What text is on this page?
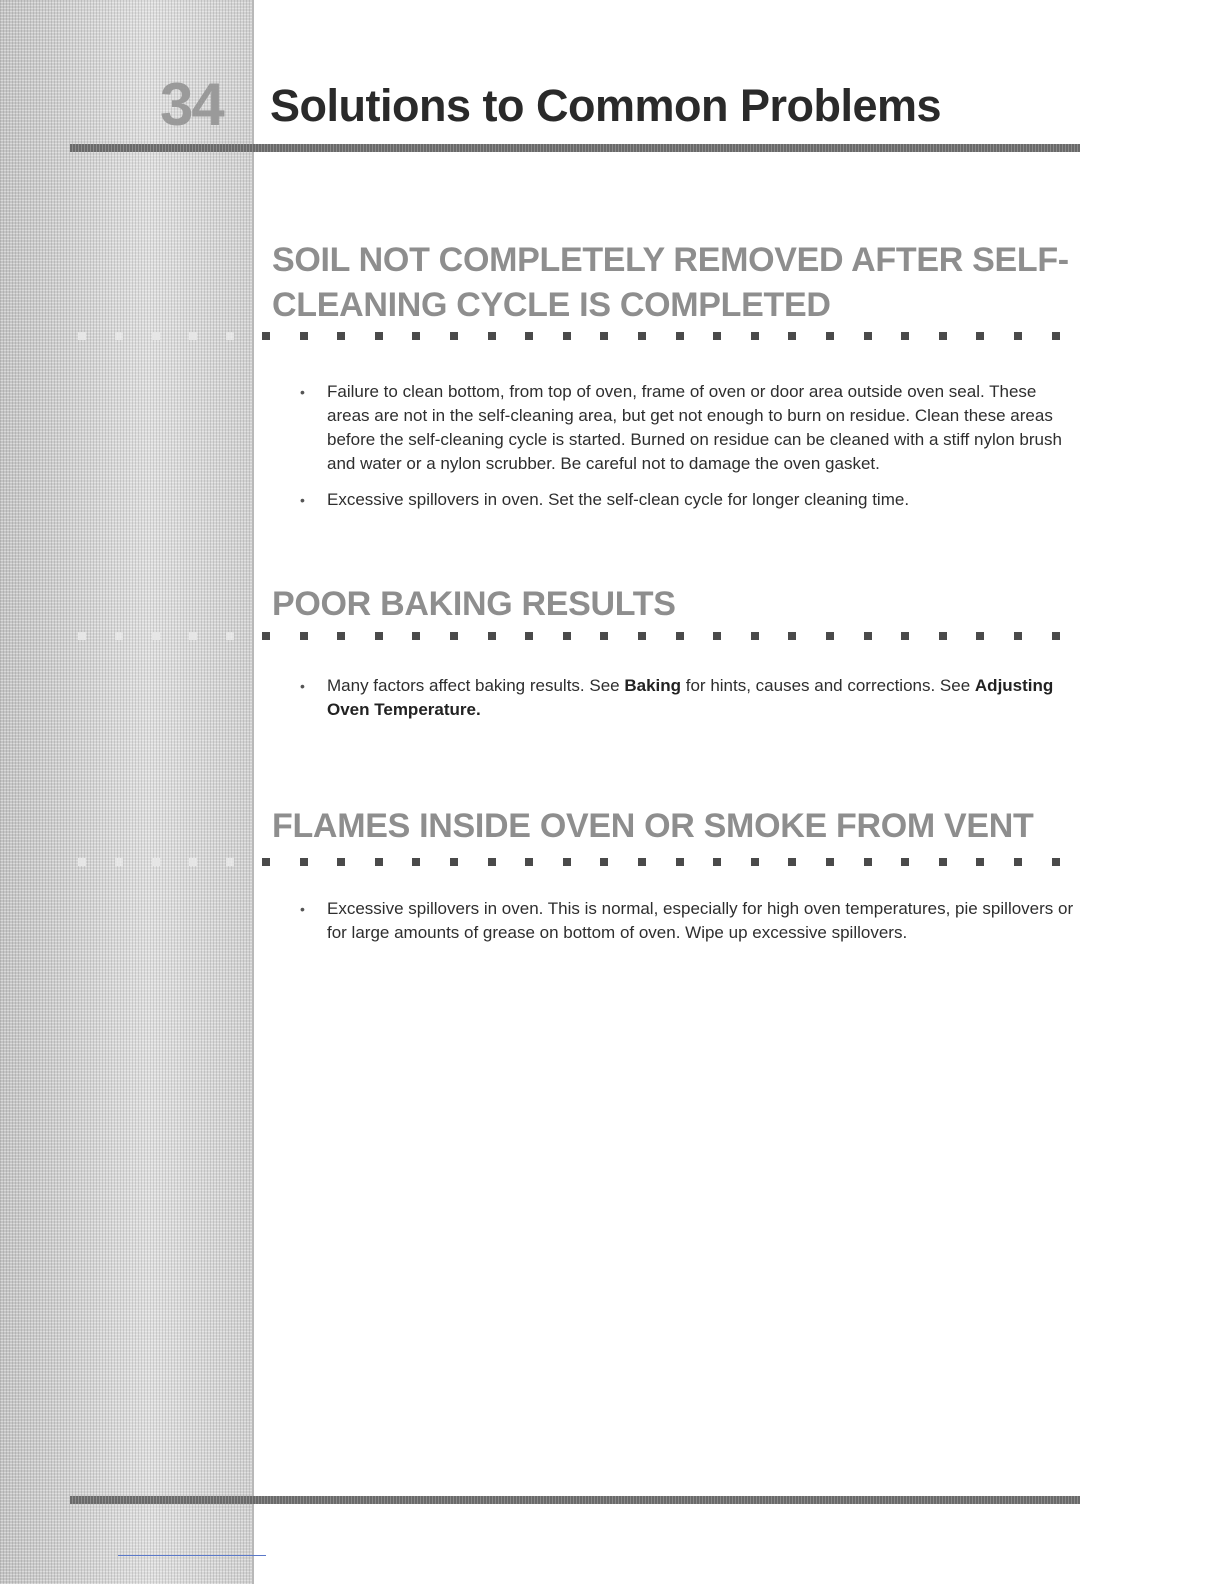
34	Solutions to Common Problems
SOIL NOT COMPLETELY REMOVED AFTER SELF-
CLEANING CYCLE IS COMPLETED
• Failure to clean bottom, from top of oven, frame of oven or door area outside oven seal. These areas are not in the self-cleaning area, but get not enough to burn on residue. Clean these areas before the self-cleaning cycle is started. Burned on residue can be cleaned with a stiff nylon brush and water or a nylon scrubber. Be careful not to damage the oven gasket.
• Excessive spillovers in oven. Set the self-clean cycle for longer cleaning time.
POOR BAKING RESULTS
• Many factors affect baking results. See Baking for hints, causes and corrections. See Adjusting Oven Temperature.
FLAMES INSIDE OVEN OR SMOKE FROM VENT
• Excessive spillovers in oven. This is normal, especially for high oven temperatures, pie spillovers or for large amounts of grease on bottom of oven. Wipe up excessive spillovers.
